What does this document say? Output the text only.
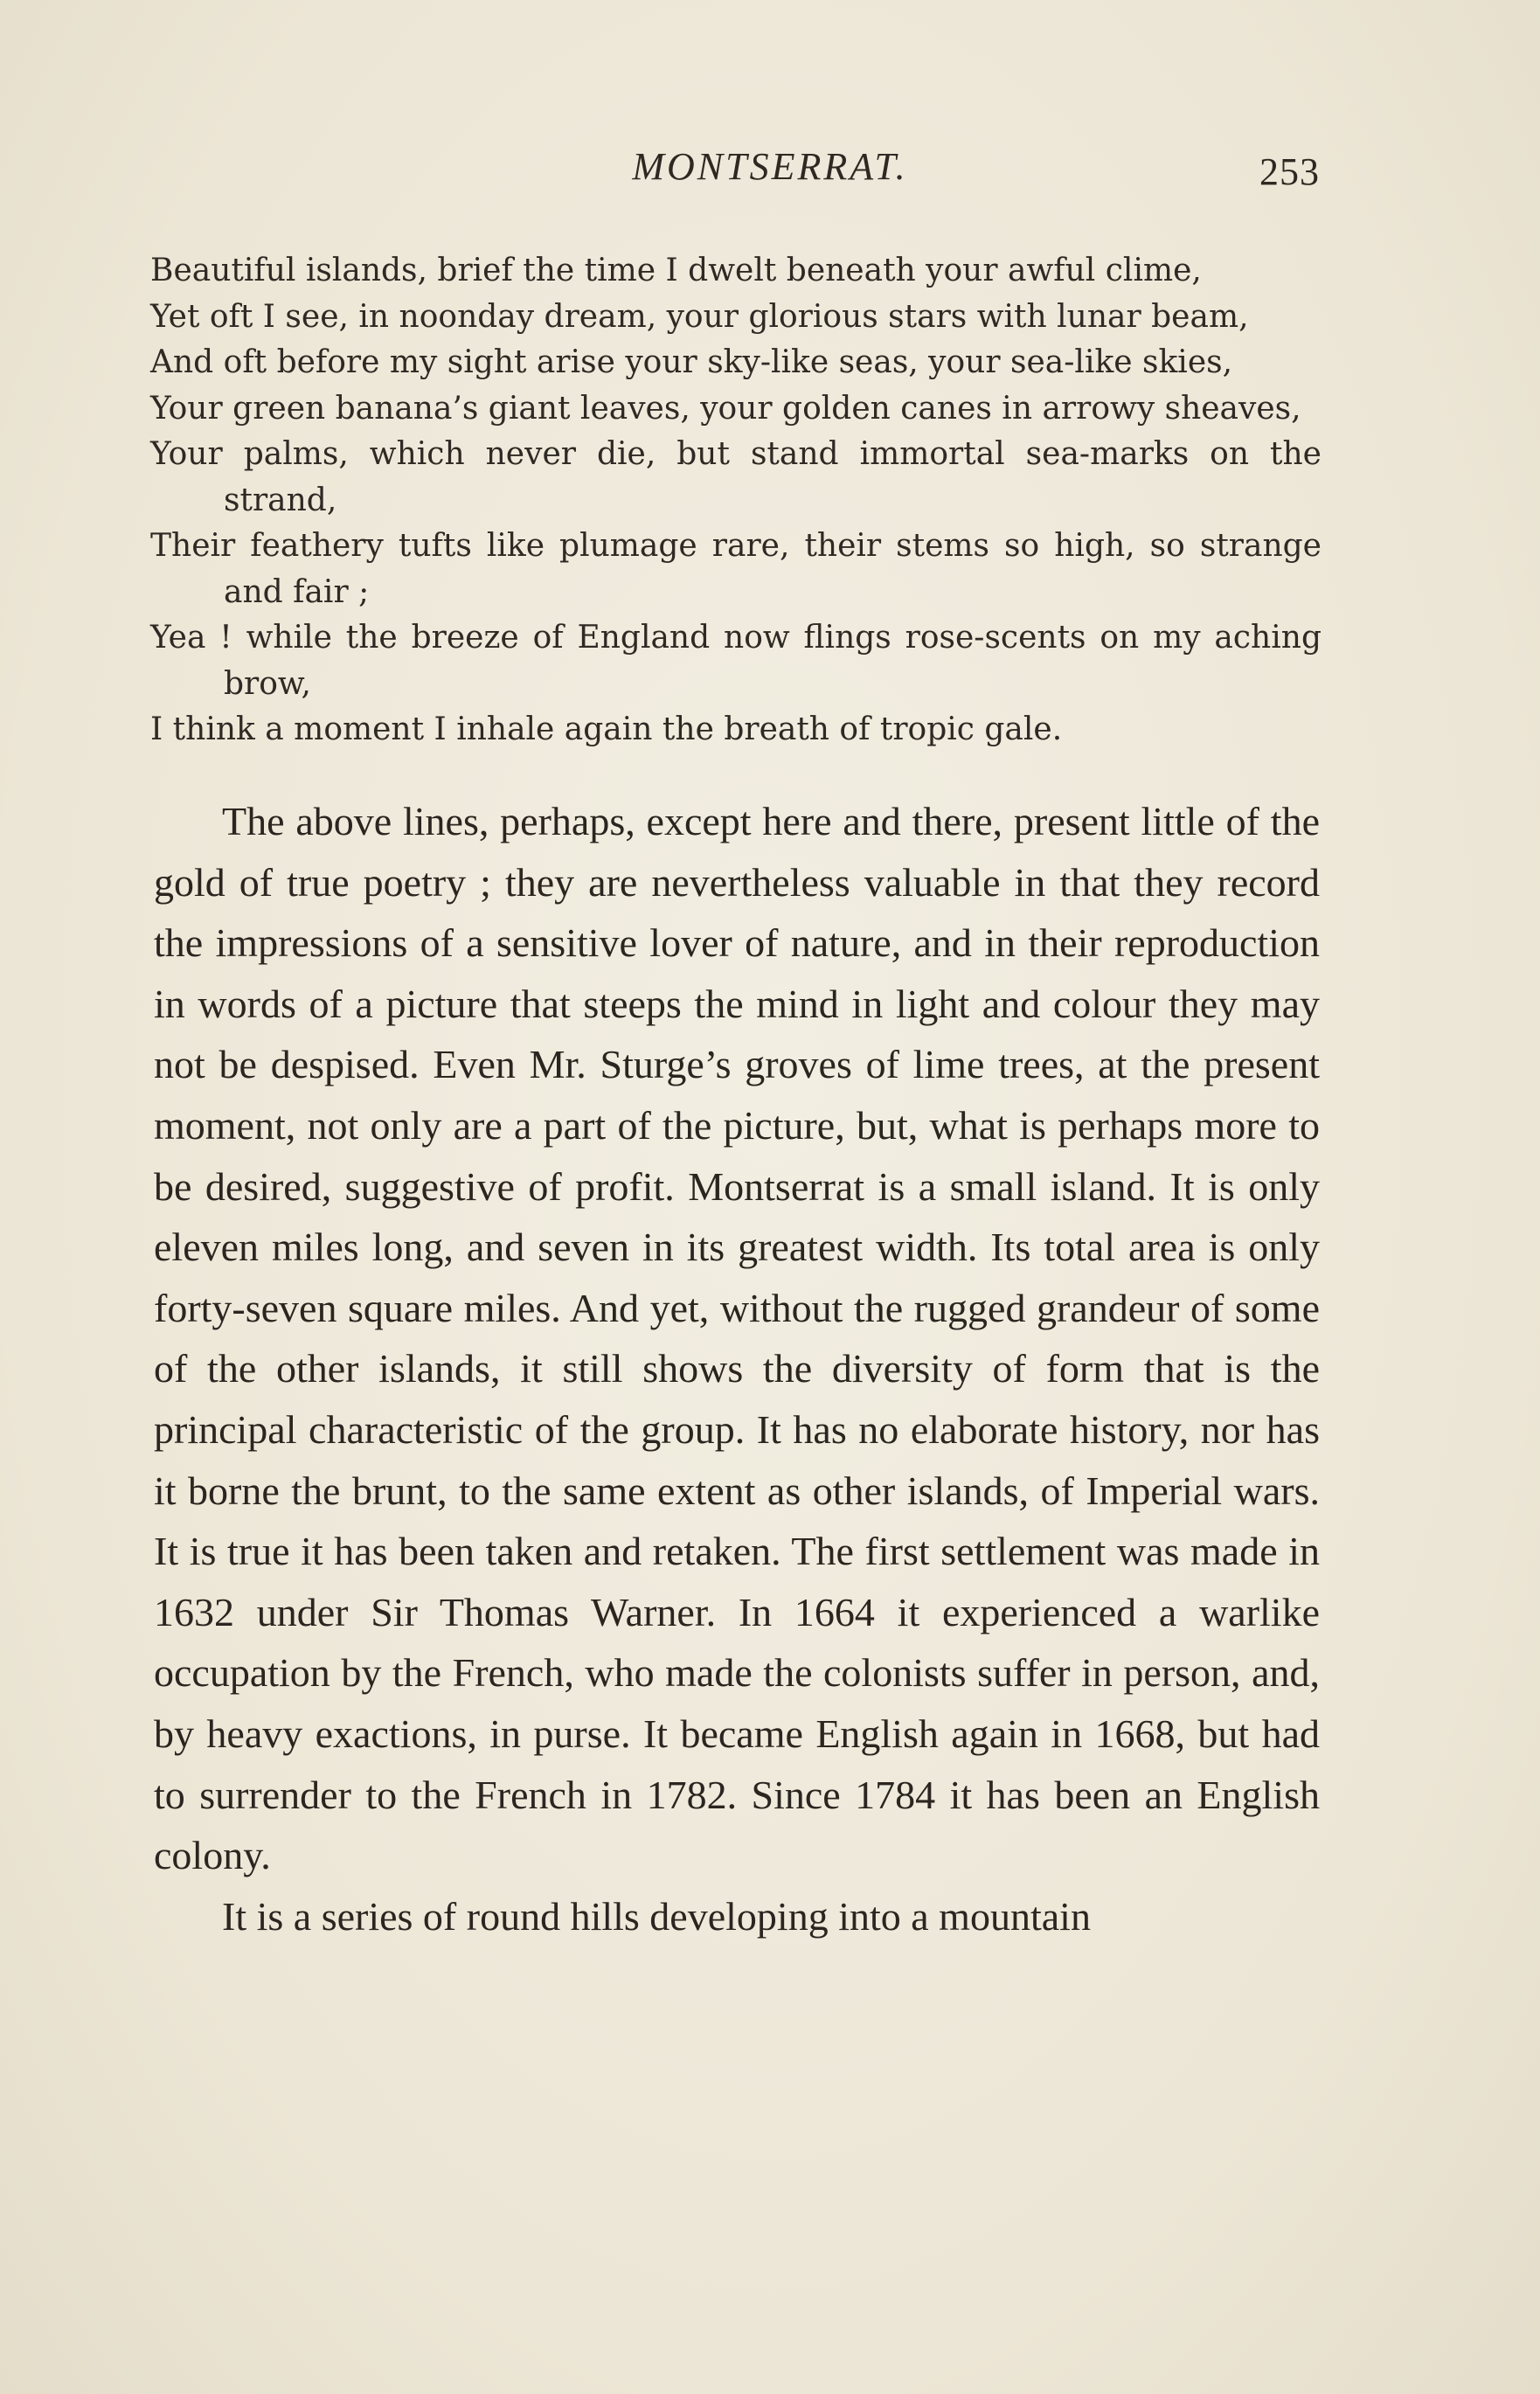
MONTSERRAT.	253
Beautiful islands, brief the time I dwelt beneath your awful clime,
Yet oft I see, in noonday dream, your glorious stars with lunar beam,
And oft before my sight arise your sky-like seas, your sea-like skies,
Your green banana’s giant leaves, your golden canes in arrowy sheaves,
Your palms, which never die, but stand immortal sea-marks on the strand,
Their feathery tufts like plumage rare, their stems so high, so strange and fair ;
Yea ! while the breeze of England now flings rose-scents on my aching brow,
I think a moment I inhale again the breath of tropic gale.

The above lines, perhaps, except here and there, present little of the gold of true poetry ; they are nevertheless valuable in that they record the impressions of a sensitive lover of nature, and in their reproduction in words of a picture that steeps the mind in light and colour they may not be despised. Even Mr. Sturge’s groves of lime trees, at the present moment, not only are a part of the picture, but, what is perhaps more to be desired, suggestive of profit. Montserrat is a small island. It is only eleven miles long, and seven in its greatest width. Its total area is only forty-seven square miles. And yet, without the rugged grandeur of some of the other islands, it still shows the diversity of form that is the principal characteristic of the group. It has no elaborate history, nor has it borne the brunt, to the same extent as other islands, of Imperial wars. It is true it has been taken and retaken. The first settlement was made in 1632 under Sir Thomas Warner. In 1664 it experienced a warlike occupation by the French, who made the colonists suffer in person, and, by heavy exactions, in purse. It became English again in 1668, but had to surrender to the French in 1782. Since 1784 it has been an English colony.

It is a series of round hills developing into a mountain
